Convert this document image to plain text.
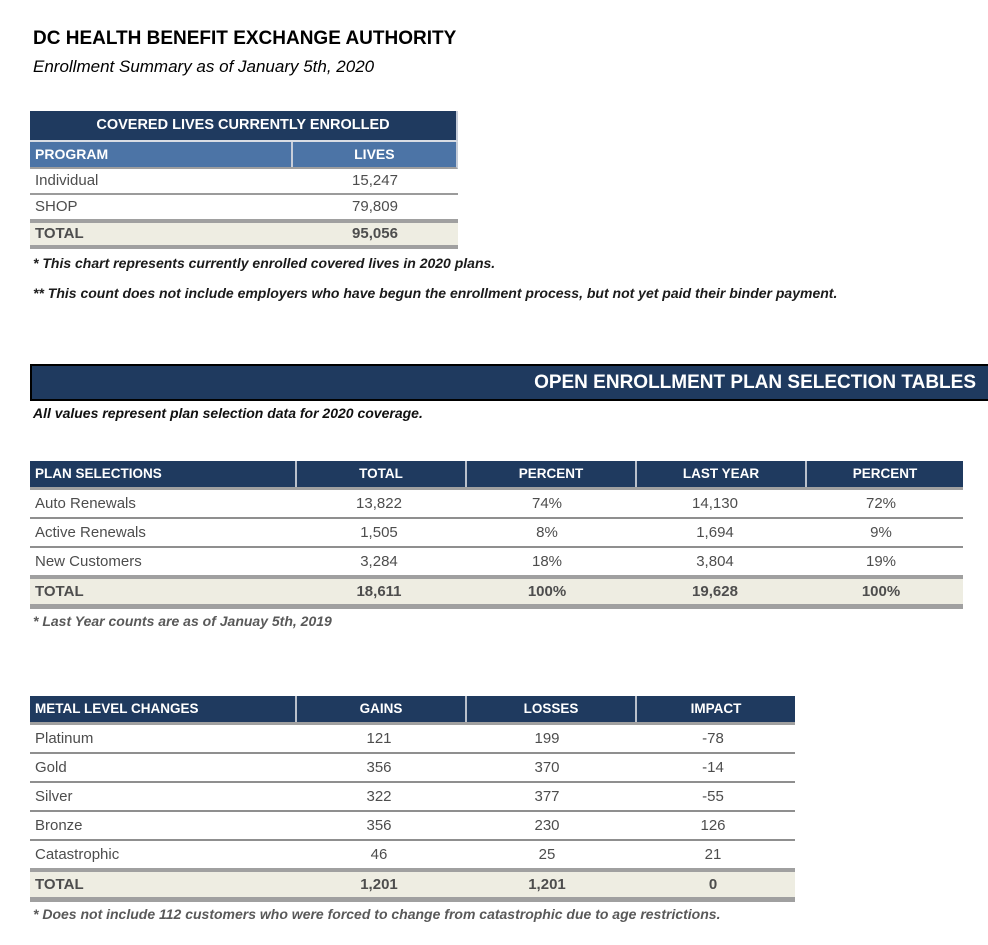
DC HEALTH BENEFIT EXCHANGE AUTHORITY
Enrollment Summary as of January 5th, 2020
COVERED LIVES CURRENTLY ENROLLED
PROGRAM	LIVES
Individual	15,247
SHOP	79,809
TOTAL	95,056

* This chart represents currently enrolled covered lives in 2020 plans.

** This count does not include employers who have begun the enrollment process, but not yet paid their binder payment.

OPEN ENROLLMENT PLAN SELECTION TABLES

All values represent plan selection data for 2020 coverage.

PLAN SELECTIONS	TOTAL	PERCENT	LAST YEAR	PERCENT
Auto Renewals	13,822	74%	14,130	72%
Active Renewals	1,505	8%	1,694	9%
New Customers	3,284	18%	3,804	19%
TOTAL	18,611	100%	19,628	100%

* Last Year counts are as of Januay 5th, 2019

METAL LEVEL CHANGES	GAINS	LOSSES	IMPACT
Platinum	121	199	-78
Gold	356	370	-14
Silver	322	377	-55
Bronze	356	230	126
Catastrophic	46	25	21
TOTAL	1,201	1,201	0

* Does not include 112 customers who were forced to change from catastrophic due to age restrictions.
